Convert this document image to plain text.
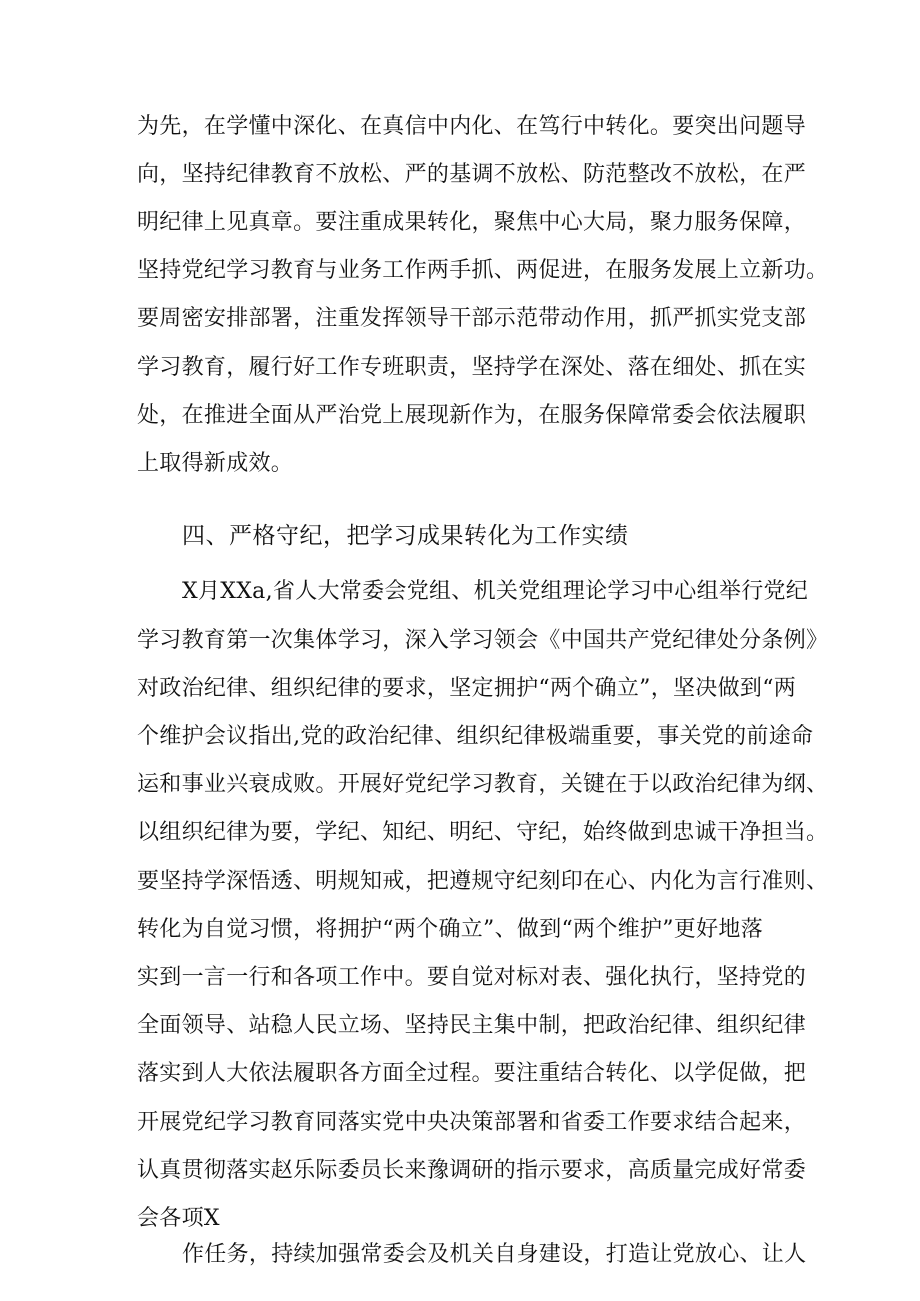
为先，在学懂中深化、在真信中内化、在笃行中转化。要突出问题导
向，坚持纪律教育不放松、严的基调不放松、防范整改不放松，在严
明纪律上见真章。要注重成果转化，聚焦中心大局，聚力服务保障，
坚持党纪学习教育与业务工作两手抓、两促进，在服务发展上立新功。
要周密安排部署，注重发挥领导干部示范带动作用，抓严抓实党支部
学习教育，履行好工作专班职责，坚持学在深处、落在细处、抓在实
处，在推进全面从严治党上展现新作为，在服务保障常委会依法履职
上取得新成效。
四、严格守纪，把学习成果转化为工作实绩
X月XXa,省人大常委会党组、机关党组理论学习中心组举行党纪
学习教育第一次集体学习，深入学习领会《中国共产党纪律处分条例》
对政治纪律、组织纪律的要求，坚定拥护“两个确立”，坚决做到“两
个维护会议指出,党的政治纪律、组织纪律极端重要，事关党的前途命
运和事业兴衰成败。开展好党纪学习教育，关键在于以政治纪律为纲、
以组织纪律为要，学纪、知纪、明纪、守纪，始终做到忠诚干净担当。
要坚持学深悟透、明规知戒，把遵规守纪刻印在心、内化为言行准则、
转化为自觉习惯，将拥护“两个确立”、做到“两个维护”更好地落
实到一言一行和各项工作中。要自觉对标对表、强化执行，坚持党的
全面领导、站稳人民立场、坚持民主集中制，把政治纪律、组织纪律
落实到人大依法履职各方面全过程。要注重结合转化、以学促做，把
开展党纪学习教育同落实党中央决策部署和省委工作要求结合起来，
认真贯彻落实赵乐际委员长来豫调研的指示要求，高质量完成好常委
会各项X
作任务，持续加强常委会及机关自身建设，打造让党放心、让人
